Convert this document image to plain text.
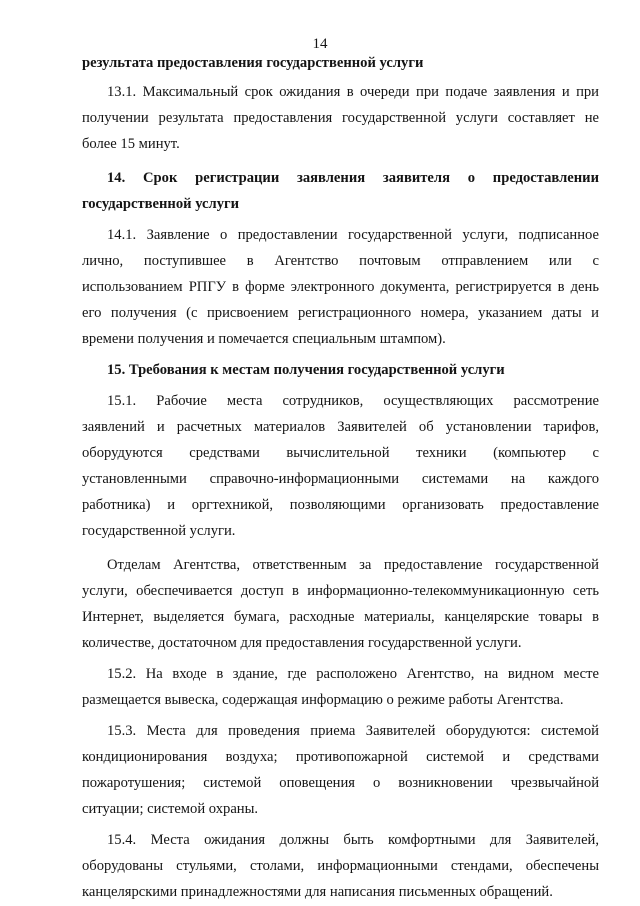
14
результата предоставления государственной услуги
13.1. Максимальный срок ожидания в очереди при подаче заявления и при
получении результата предоставления государственной услуги составляет не
более 15 минут.
14. Срок регистрации заявления заявителя о предоставлении
государственной услуги
14.1. Заявление о предоставлении государственной услуги, подписанное
лично, поступившее в Агентство почтовым отправлением или с
использованием РПГУ в форме электронного документа, регистрируется в день
его получения (с присвоением регистрационного номера, указанием даты и
времени получения и помечается специальным штампом).
15. Требования к местам получения государственной услуги
15.1. Рабочие места сотрудников, осуществляющих рассмотрение
заявлений и расчетных материалов Заявителей об установлении тарифов,
оборудуются средствами вычислительной техники (компьютер с
установленными справочно-информационными системами на каждого
работника) и оргтехникой, позволяющими организовать предоставление
государственной услуги.
Отделам Агентства, ответственным за предоставление государственной
услуги, обеспечивается доступ в информационно-телекоммуникационную сеть
Интернет, выделяется бумага, расходные материалы, канцелярские товары в
количестве, достаточном для предоставления государственной услуги.
15.2. На входе в здание, где расположено Агентство, на видном месте
размещается вывеска, содержащая информацию о режиме работы Агентства.
15.3. Места для проведения приема Заявителей оборудуются: системой
кондиционирования воздуха; противопожарной системой и средствами
пожаротушения; системой оповещения о возникновении чрезвычайной
ситуации; системой охраны.
15.4. Места ожидания должны быть комфортными для Заявителей,
оборудованы стульями, столами, информационными стендами, обеспечены
канцелярскими принадлежностями для написания письменных обращений.
